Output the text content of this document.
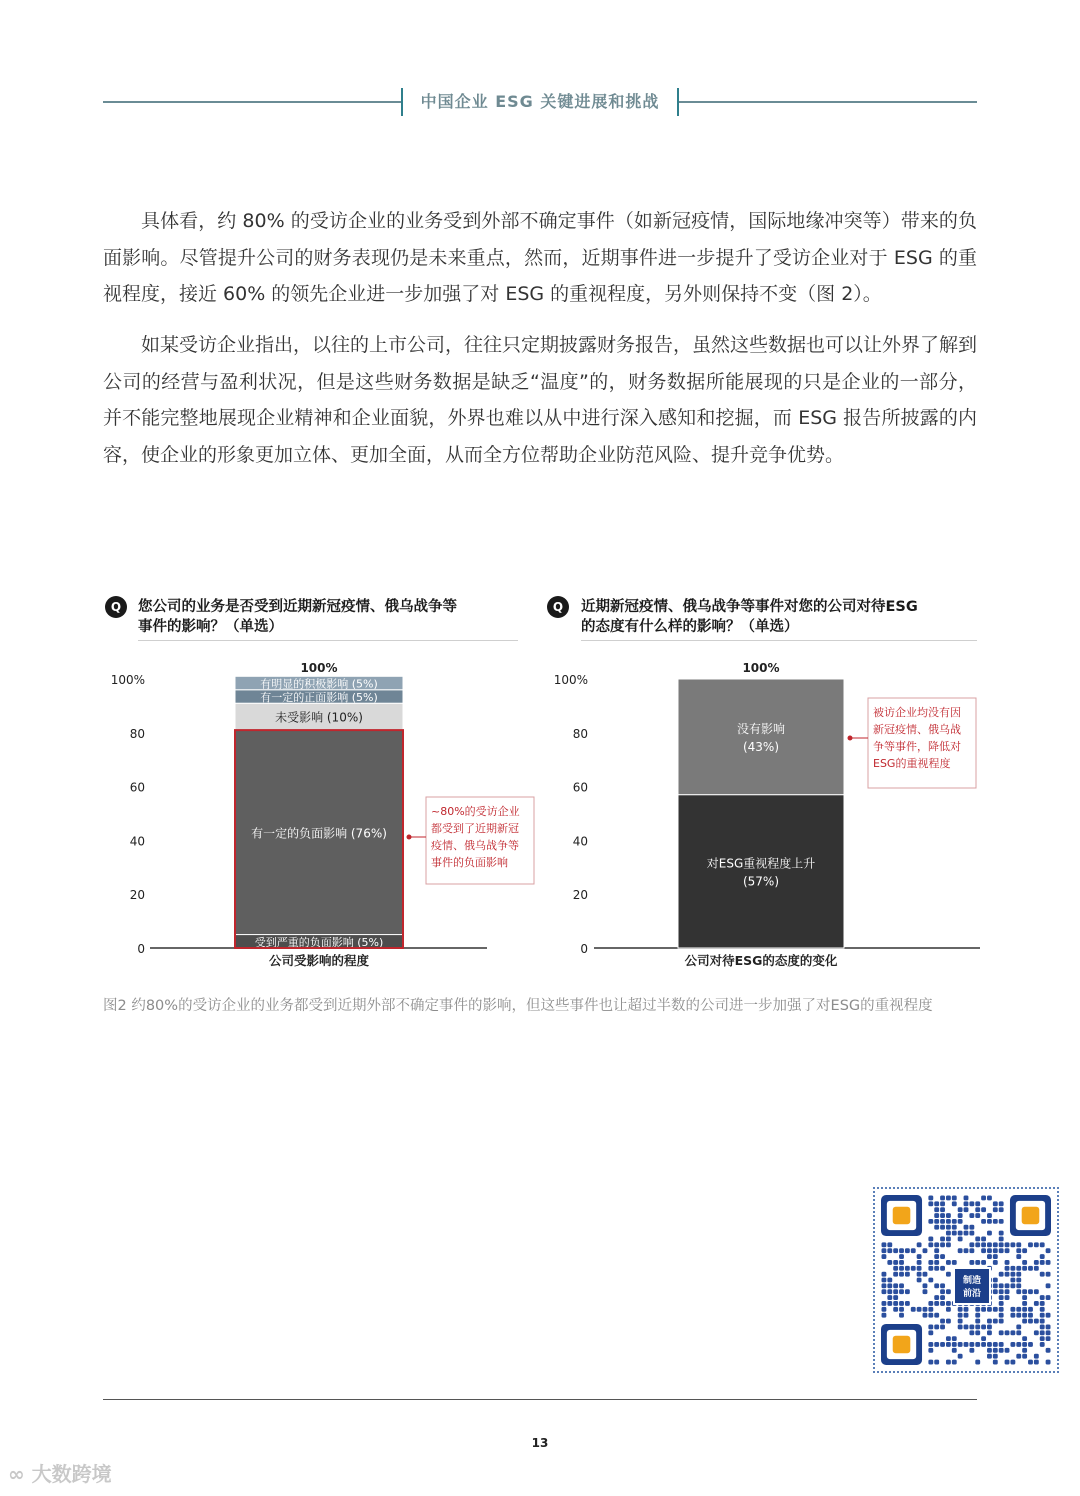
中国企业 ESG 关键进展和挑战

具体看，约 80% 的受访企业的业务受到外部不确定事件（如新冠疫情，国际地缘冲突等）带来的负面影响。尽管提升公司的财务表现仍是未来重点，然而，近期事件进一步提升了受访企业对于 ESG 的重视程度，接近 60% 的领先企业进一步加强了对 ESG 的重视程度，另外则保持不变（图 2）。

如某受访企业指出，以往的上市公司，往往只定期披露财务报告，虽然这些数据也可以让外界了解到公司的经营与盈利状况，但是这些财务数据是缺乏“温度”的，财务数据所能展现的只是企业的一部分，并不能完整地展现企业精神和企业面貌，外界也难以从中进行深入感知和挖掘，而 ESG 报告所披露的内容，使企业的形象更加立体、更加全面，从而全方位帮助企业防范风险、提升竞争优势。

Q	您公司的业务是否受到近期新冠疫情、俄乌战争等
事件的影响？（单选）
Q	近期新冠疫情、俄乌战争等事件对您的公司对待ESG
的态度有什么样的影响？（单选）
0
20
40
60
80
100%
受到严重的负面影响 (5%)
有一定的负面影响 (76%)
未受影响 (10%)
有一定的正面影响 (5%)
有明显的积极影响 (5%)
100%
公司受影响的程度
~80%的受访企业
都受到了近期新冠
疫情、俄乌战争等
事件的负面影响
0
20
40
60
80
100%
对ESG重视程度上升
(57%)
没有影响
(43%)
100%
公司对待ESG的态度的变化
被访企业均没有因
新冠疫情、俄乌战
争等事件，降低对
ESG的重视程度

图2 约80%的受访企业的业务都受到近期外部不确定事件的影响，但这些事件也让超过半数的公司进一步加强了对ESG的重视程度

制造
前沿
13
∞ 大数跨境
